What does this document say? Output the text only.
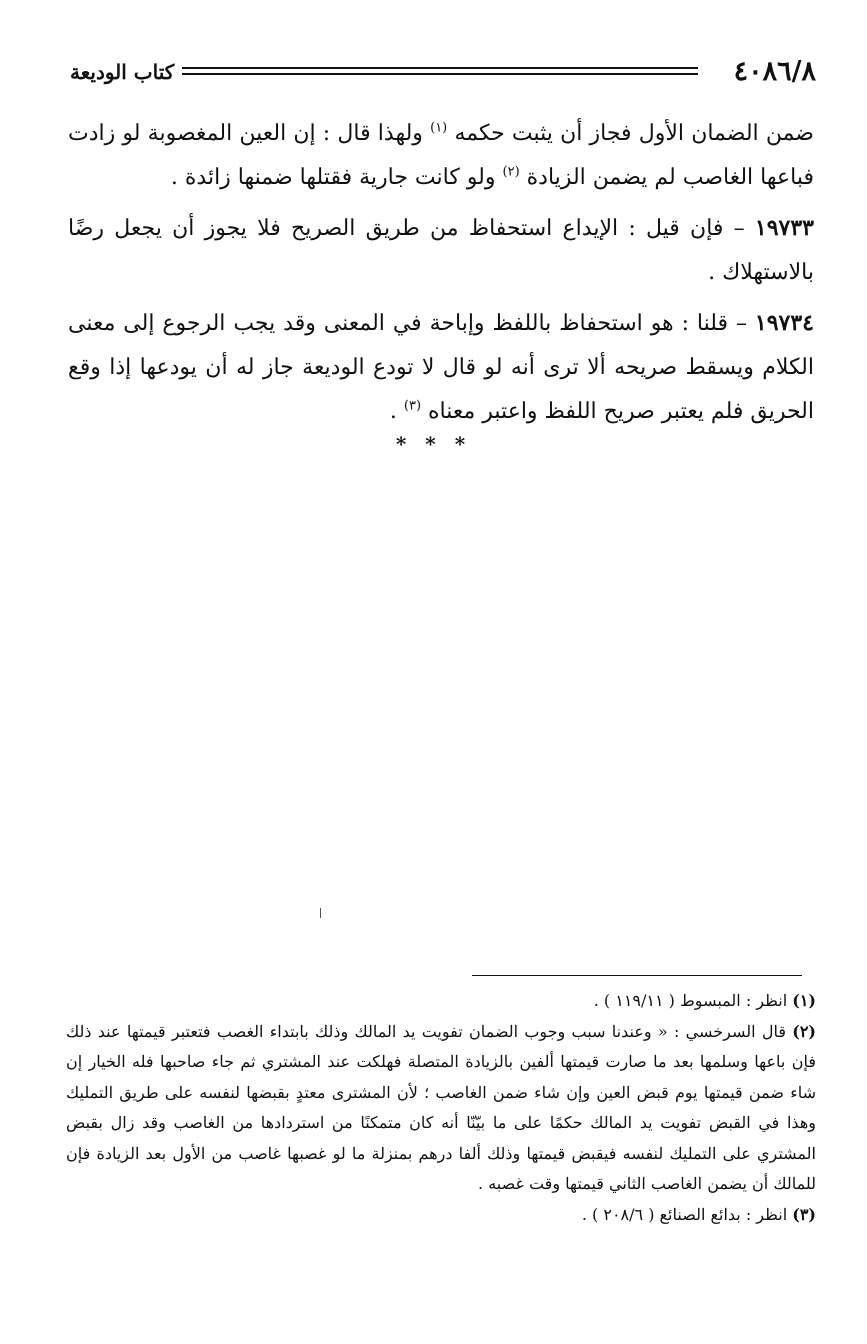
٤٠٨٦/٨
كتاب الوديعة

ضمن الضمان الأول فجاز أن يثبت حكمه $^{(١)}$ ولهذا قال : إن العين المغصوبة لو زادت فباعها الغاصب لم يضمن الزيادة $^{(٢)}$ ولو كانت جارية فقتلها ضمنها زائدة .

١٩٧٣٣ – فإن قيل : الإيداع استحفاظ من طريق الصريح فلا يجوز أن يجعل رضًا بالاستهلاك .

١٩٧٣٤ – قلنا : هو استحفاظ باللفظ وإباحة في المعنى وقد يجب الرجوع إلى معنى الكلام ويسقط صريحه ألا ترى أنه لو قال لا تودع الوديعة جاز له أن يودعها إذا وقع الحريق فلم يعتبر صريح اللفظ واعتبر معناه $^{(٣)}$ .

* * *

(١) انظر : المبسوط ( ١١٩/١١ ) .

(٢) قال السرخسي : « وعندنا سبب وجوب الضمان تفويت يد المالك وذلك بابتداء الغصب فتعتبر قيمتها عند ذلك فإن باعها وسلمها بعد ما صارت قيمتها ألفين بالزيادة المتصلة فهلكت عند المشتري ثم جاء صاحبها فله الخيار إن شاء ضمن قيمتها يوم قبض العين وإن شاء ضمن الغاصب ؛ لأن المشترى معتدٍ بقبضها لنفسه على طريق التمليك وهذا في القبض تفويت يد المالك حكمًا على ما بيّنّا أنه كان متمكنًا من استردادها من الغاصب وقد زال بقبض المشتري على التمليك لنفسه فيقبض قيمتها وذلك ألفا درهم بمنزلة ما لو غصبها غاصب من الأول بعد الزيادة فإن للمالك أن يضمن الغاصب الثاني قيمتها وقت غصبه .

(٣) انظر : بدائع الصنائع ( ٢٠٨/٦ ) .
